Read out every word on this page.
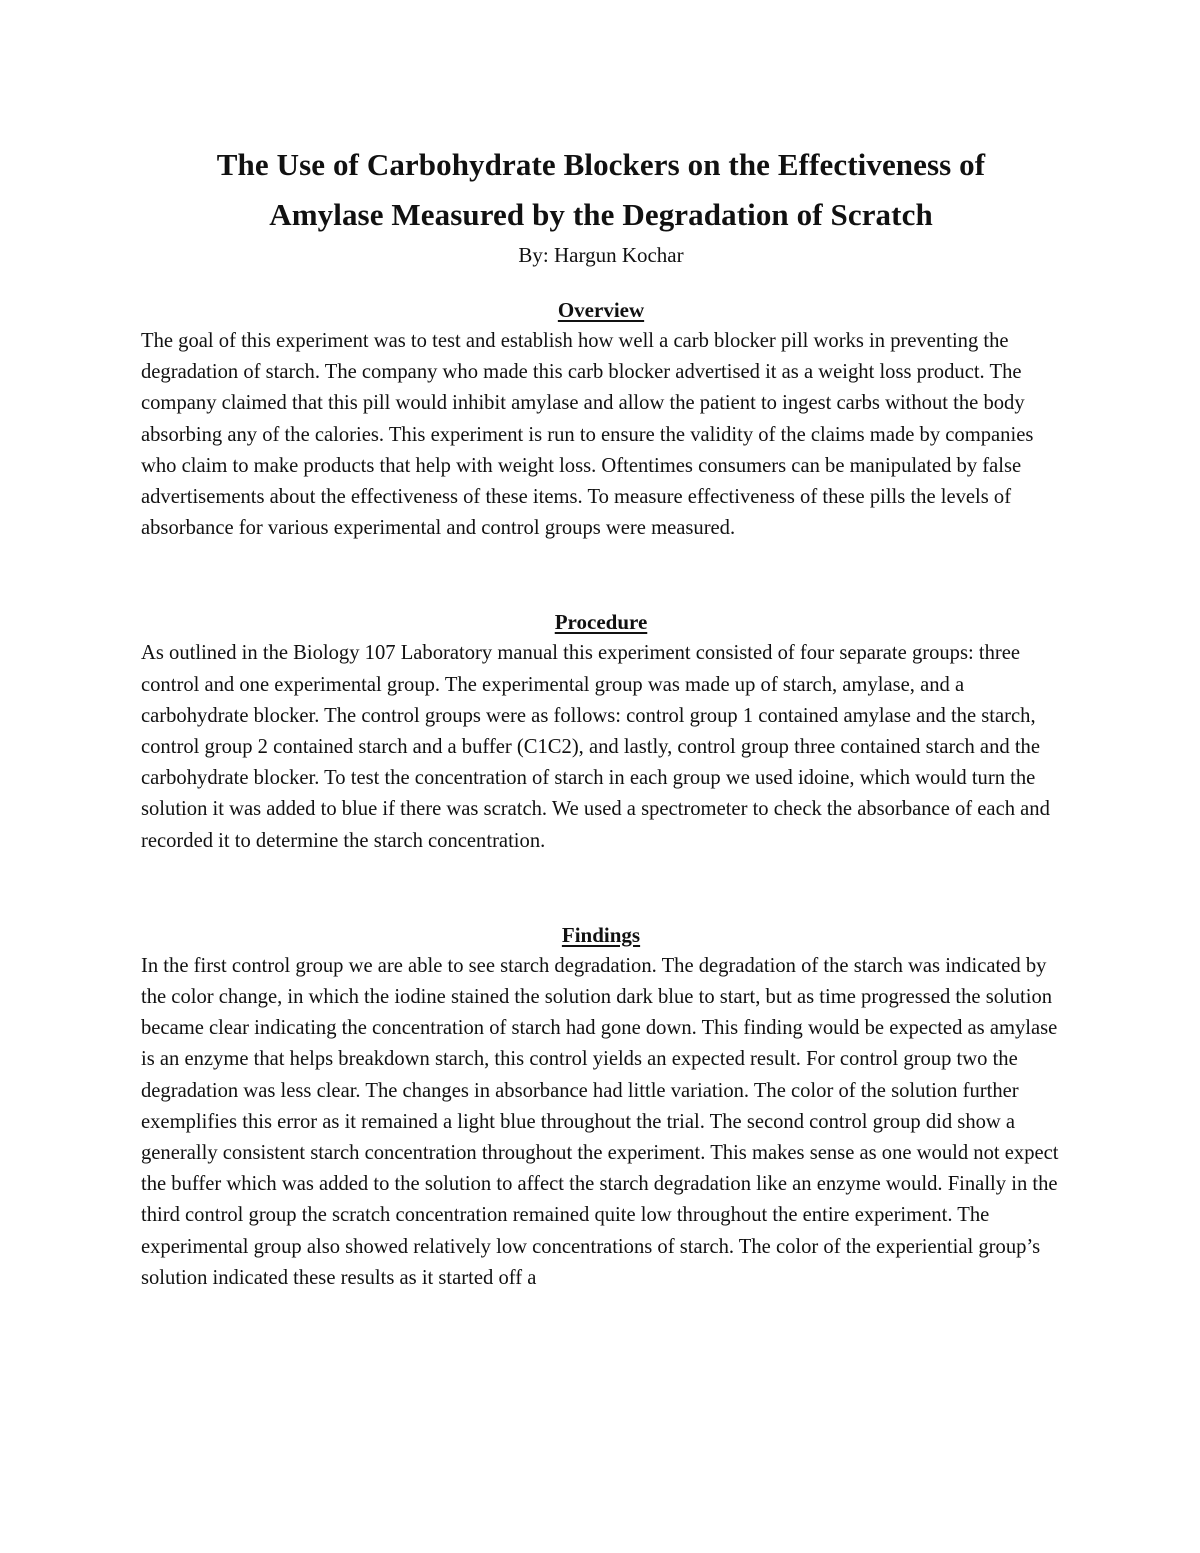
The Use of Carbohydrate Blockers on the Effectiveness of
Amylase Measured by the Degradation of Scratch

By: Hargun Kochar

Overview

The goal of this experiment was to test and establish how well a carb blocker pill works in preventing the degradation of starch. The company who made this carb blocker advertised it as a weight loss product. The company claimed that this pill would inhibit amylase and allow the patient to ingest carbs without the body absorbing any of the calories. This experiment is run to ensure the validity of the claims made by companies who claim to make products that help with weight loss. Oftentimes consumers can be manipulated by false advertisements about the effectiveness of these items. To measure effectiveness of these pills the levels of absorbance for various experimental and control groups were measured.

Procedure

As outlined in the Biology 107 Laboratory manual this experiment consisted of four separate groups: three control and one experimental group. The experimental group was made up of starch, amylase, and a carbohydrate blocker. The control groups were as follows: control group 1 contained amylase and the starch, control group 2 contained starch and a buffer (C1C2), and lastly, control group three contained starch and the carbohydrate blocker. To test the concentration of starch in each group we used idoine, which would turn the solution it was added to blue if there was scratch. We used a spectrometer to check the absorbance of each and recorded it to determine the starch concentration.

Findings

In the first control group we are able to see starch degradation. The degradation of the starch was indicated by the color change, in which the iodine stained the solution dark blue to start, but as time progressed the solution became clear indicating the concentration of starch had gone down. This finding would be expected as amylase is an enzyme that helps breakdown starch, this control yields an expected result. For control group two the degradation was less clear. The changes in absorbance had little variation. The color of the solution further exemplifies this error as it remained a light blue throughout the trial. The second control group did show a generally consistent starch concentration throughout the experiment. This makes sense as one would not expect the buffer which was added to the solution to affect the starch degradation like an enzyme would. Finally in the third control group the scratch concentration remained quite low throughout the entire experiment. The experimental group also showed relatively low concentrations of starch. The color of the experiential group’s solution indicated these results as it started off a
